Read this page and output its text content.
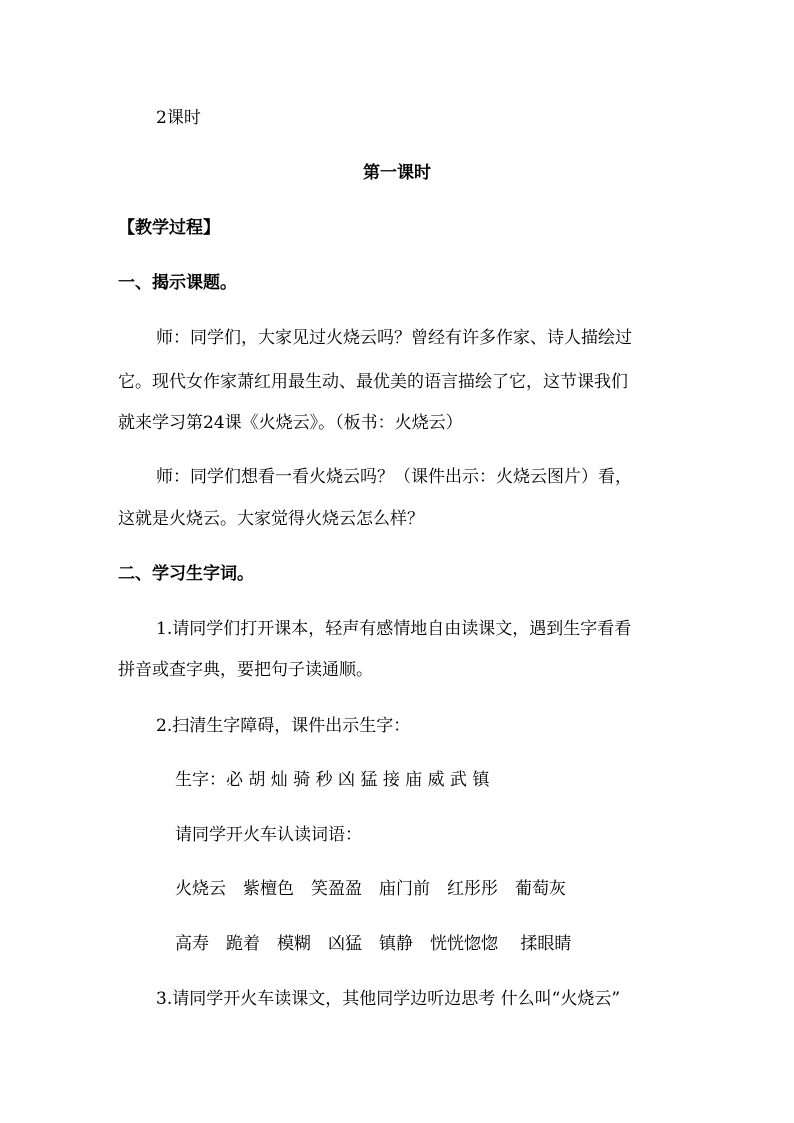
2课时
第一课时
【教学过程】
一、揭示课题。
师：同学们，大家见过火烧云吗？曾经有许多作家、诗人描绘过
它。现代女作家萧红用最生动、最优美的语言描绘了它，这节课我们
就来学习第24课《火烧云》。（板书：火烧云）
师：同学们想看一看火烧云吗？（课件出示：火烧云图片）看，
这就是火烧云。大家觉得火烧云怎么样？
二、学习生字词。
1.请同学们打开课本，轻声有感情地自由读课文，遇到生字看看
拼音或查字典，要把句子读通顺。
2.扫清生字障碍，课件出示生字：
生字：必 胡 灿 骑 秒 凶 猛 接 庙 威 武 镇
请同学开火车认读词语：
火烧云　紫檀色　笑盈盈　庙门前　红彤彤　葡萄灰
高寿　跪着　模糊　凶猛　镇静　恍恍惚惚　 揉眼睛
3.请同学开火车读课文，其他同学边听边思考 什么叫“火烧云”
